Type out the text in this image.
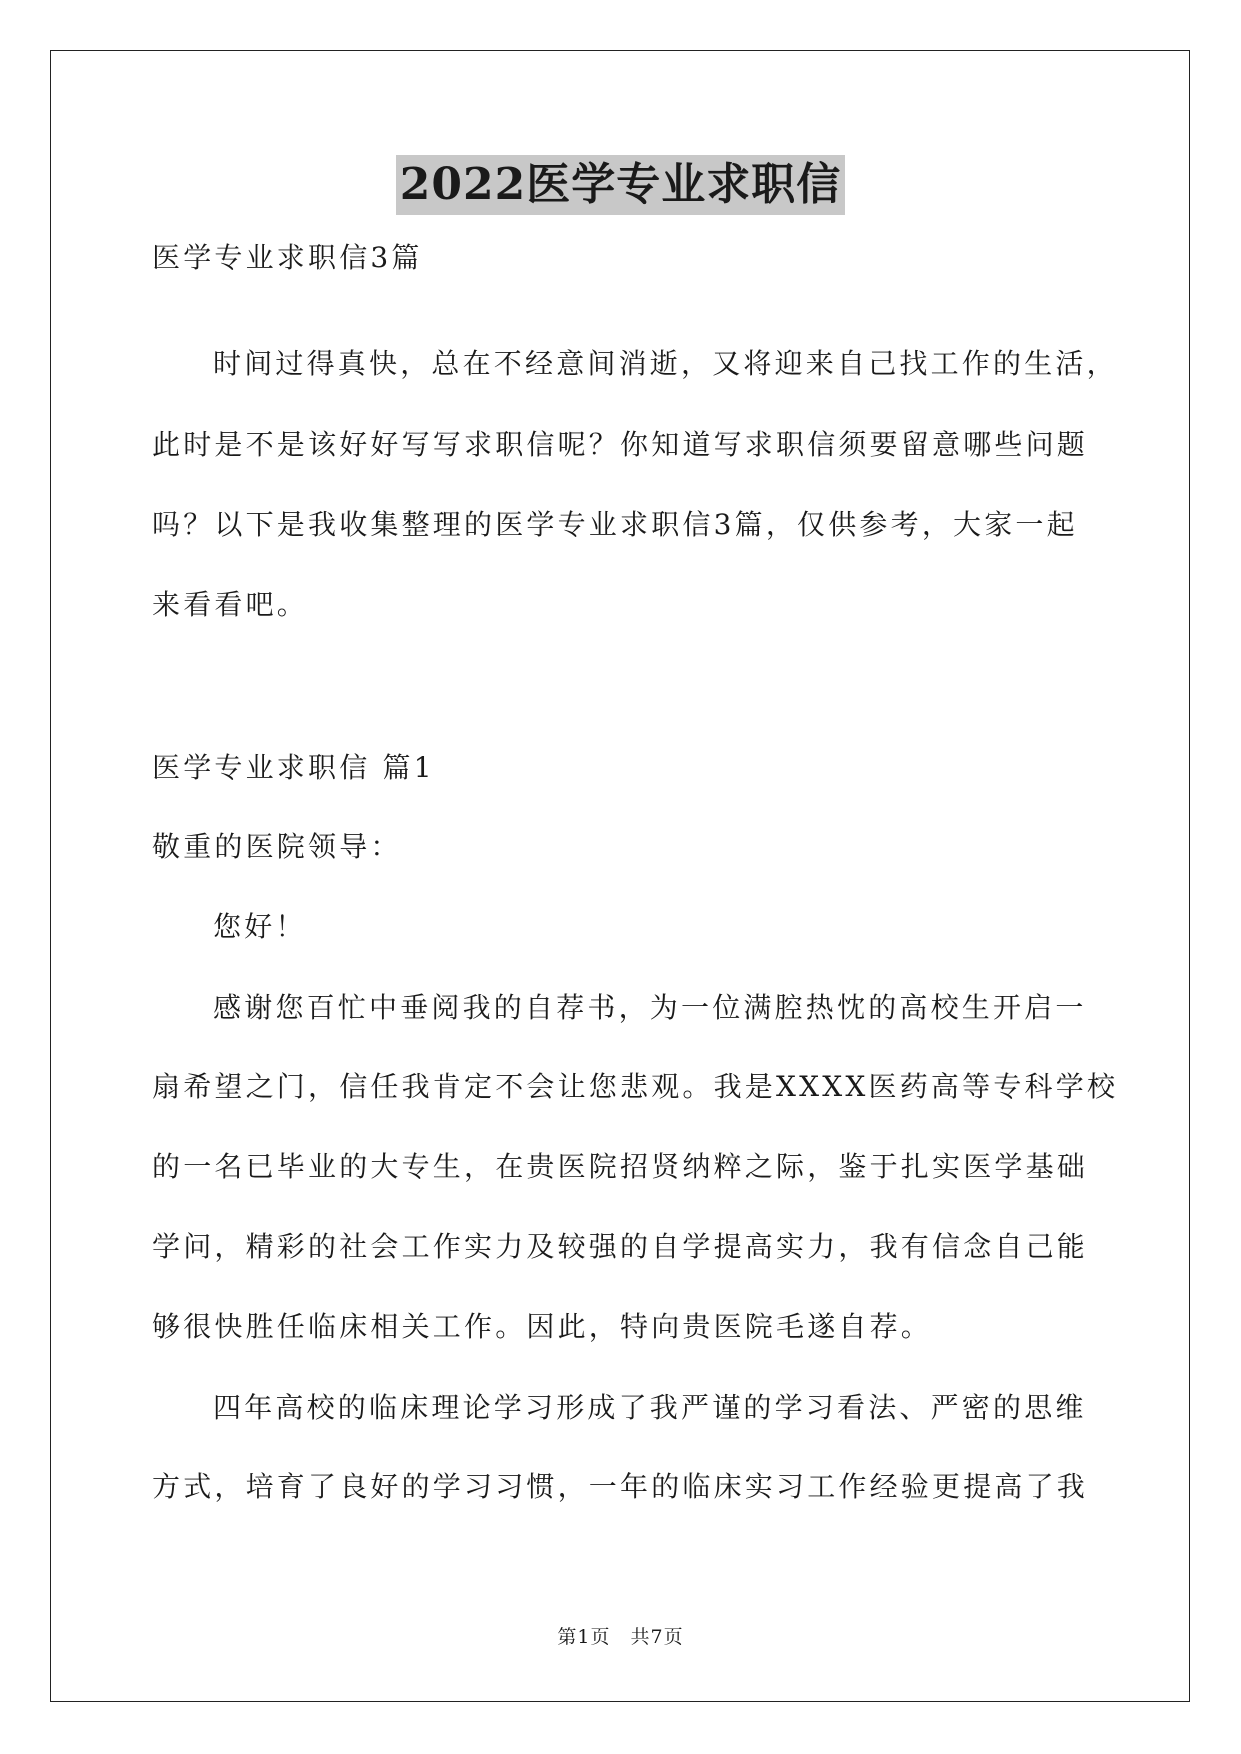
2022医学专业求职信
医学专业求职信3篇
时间过得真快，总在不经意间消逝，又将迎来自己找工作的生活，
此时是不是该好好写写求职信呢？你知道写求职信须要留意哪些问题
吗？以下是我收集整理的医学专业求职信3篇，仅供参考，大家一起
来看看吧。
医学专业求职信 篇1
敬重的医院领导：
您好！
感谢您百忙中垂阅我的自荐书，为一位满腔热忱的高校生开启一
扇希望之门，信任我肯定不会让您悲观。我是XXXX医药高等专科学校
的一名已毕业的大专生，在贵医院招贤纳粹之际，鉴于扎实医学基础
学问，精彩的社会工作实力及较强的自学提高实力，我有信念自己能
够很快胜任临床相关工作。因此，特向贵医院毛遂自荐。
四年高校的临床理论学习形成了我严谨的学习看法、严密的思维
方式，培育了良好的学习习惯，一年的临床实习工作经验更提高了我
第1页　共7页
